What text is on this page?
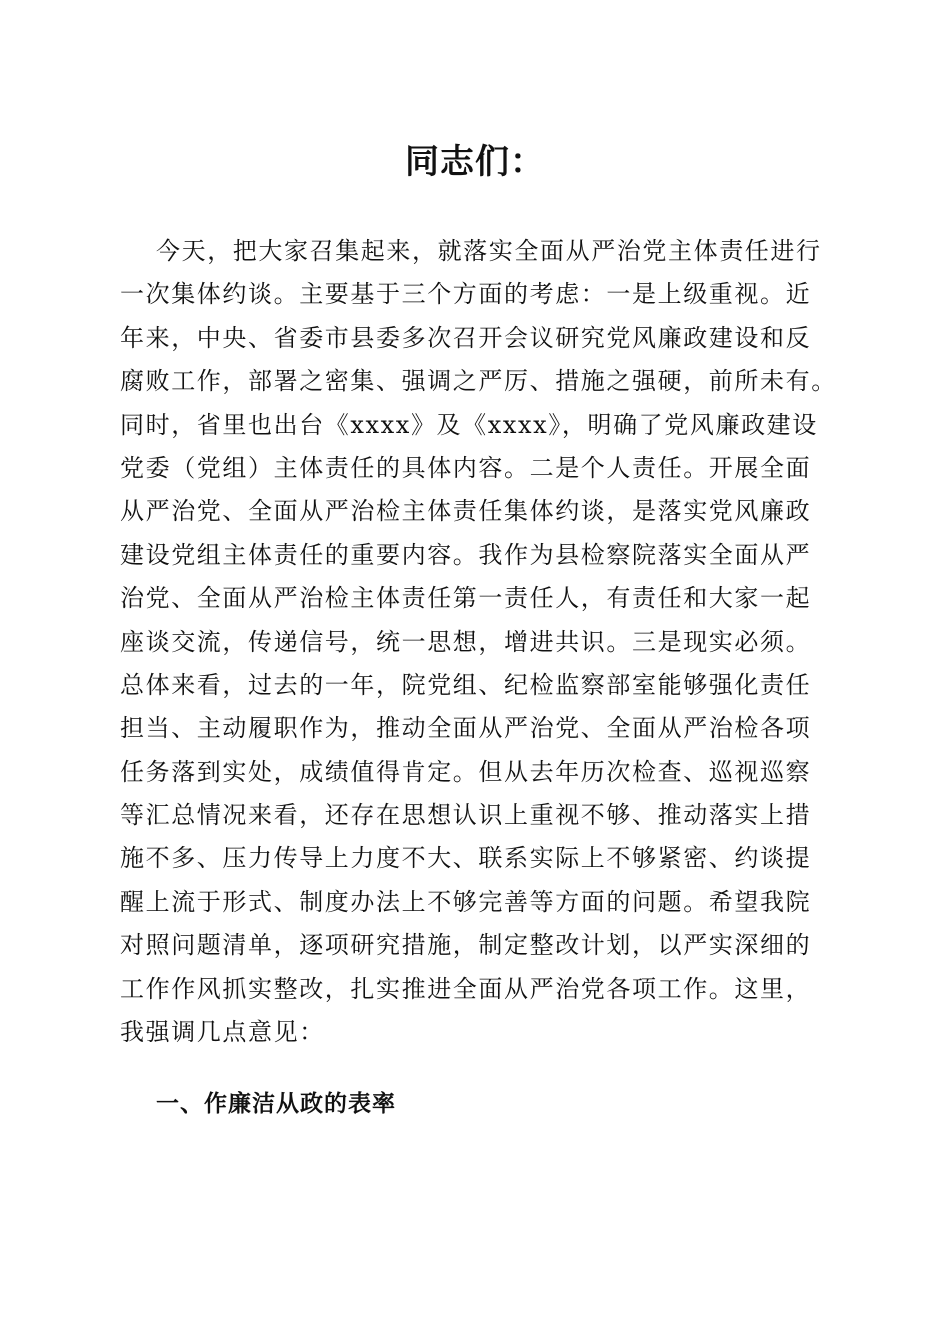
同志们：
今天，把大家召集起来，就落实全面从严治党主体责任进行
一次集体约谈。主要基于三个方面的考虑：一是上级重视。近
年来，中央、省委市县委多次召开会议研究党风廉政建设和反
腐败工作，部署之密集、强调之严厉、措施之强硬，前所未有。
同时，省里也出台《xxxx》及《xxxx》，明确了党风廉政建设
党委（党组）主体责任的具体内容。二是个人责任。开展全面
从严治党、全面从严治检主体责任集体约谈，是落实党风廉政
建设党组主体责任的重要内容。我作为县检察院落实全面从严
治党、全面从严治检主体责任第一责任人，有责任和大家一起
座谈交流，传递信号，统一思想，增进共识。三是现实必须。
总体来看，过去的一年，院党组、纪检监察部室能够强化责任
担当、主动履职作为，推动全面从严治党、全面从严治检各项
任务落到实处，成绩值得肯定。但从去年历次检查、巡视巡察
等汇总情况来看，还存在思想认识上重视不够、推动落实上措
施不多、压力传导上力度不大、联系实际上不够紧密、约谈提
醒上流于形式、制度办法上不够完善等方面的问题。希望我院
对照问题清单，逐项研究措施，制定整改计划，以严实深细的
工作作风抓实整改，扎实推进全面从严治党各项工作。这里，
我强调几点意见：
一、作廉洁从政的表率
